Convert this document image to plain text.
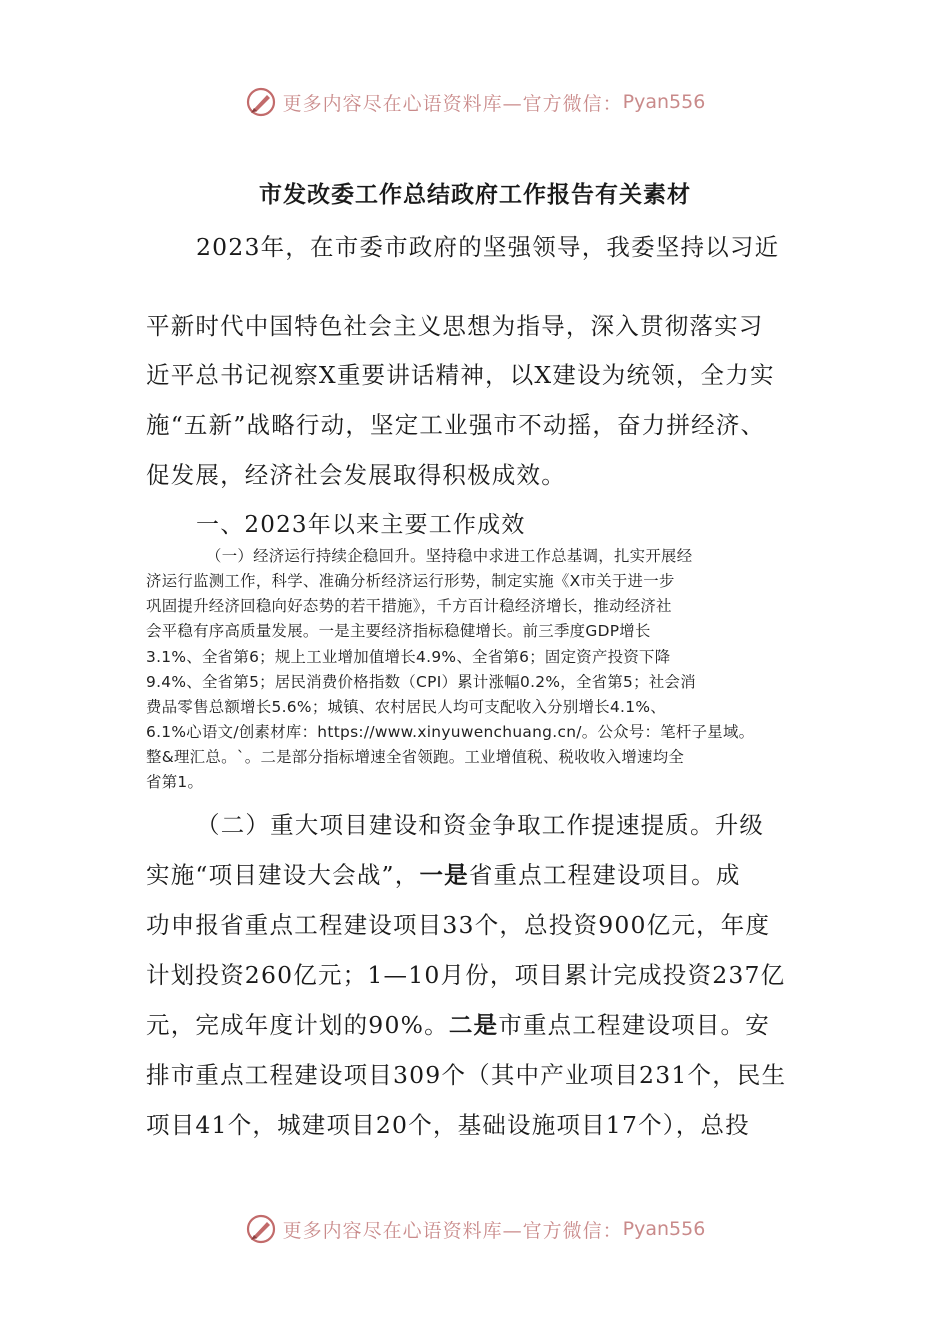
更多内容尽在心语资料库—官方微信： Pyan556
市发改委工作总结政府工作报告有关素材
2023年，在市委市政府的坚强领导，我委坚持以习近
平新时代中国特色社会主义思想为指导，深入贯彻落实习
近平总书记视察X重要讲话精神，以X建设为统领，全力实
施“五新”战略行动，坚定工业强市不动摇，奋力拼经济、
促发展，经济社会发展取得积极成效。
一、2023年以来主要工作成效
（一）经济运行持续企稳回升。坚持稳中求进工作总基调，扎实开展经
济运行监测工作，科学、准确分析经济运行形势，制定实施《X市关于进一步
巩固提升经济回稳向好态势的若干措施》，千方百计稳经济增长，推动经济社
会平稳有序高质量发展。一是主要经济指标稳健增长。前三季度GDP增长
3.1%、全省第6；规上工业增加值增长4.9%、全省第6；固定资产投资下降
9.4%、全省第5；居民消费价格指数（CPI）累计涨幅0.2%，全省第5；社会消
费品零售总额增长5.6%；城镇、农村居民人均可支配收入分别增长4.1%、
6.1%心语文/创素材库：https://www.xinyuwenchuang.cn/。公众号：笔杆子星域。
整&理汇总。`。二是部分指标增速全省领跑。工业增值税、税收收入增速均全
省第1。
（二）重大项目建设和资金争取工作提速提质。升级
实施“项目建设大会战”，一是省重点工程建设项目。成
功申报省重点工程建设项目33个，总投资900亿元，年度
计划投资260亿元；1—10月份，项目累计完成投资237亿
元，完成年度计划的90%。二是市重点工程建设项目。安
排市重点工程建设项目309个（其中产业项目231个，民生
项目41个，城建项目20个，基础设施项目17个），总投
更多内容尽在心语资料库—官方微信： Pyan556
